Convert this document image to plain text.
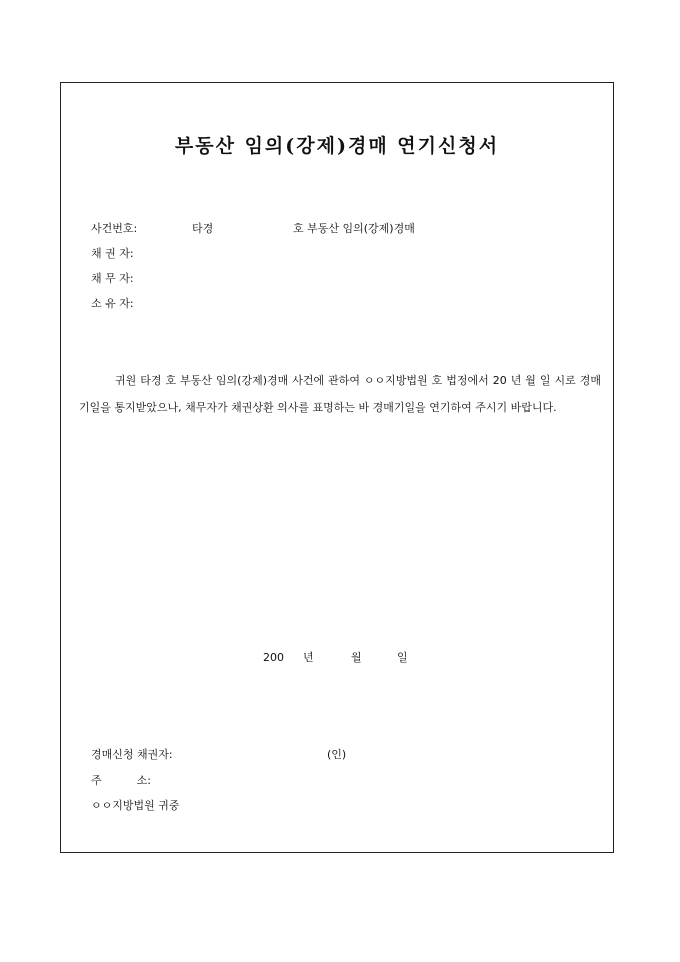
부동산 임의(강제)경매 연기신청서
사건번호:	타경	호 부동산 임의(강제)경매
채 권 자:
채 무 자:
소 유 자:

귀원 타경 호 부동산 임의(강제)경매 사건에 관하여 ㅇㅇ지방법원 호 법정에서 20 년 월 일 시로 경매 기일을 통지받았으나, 채무자가 채권상환 의사를 표명하는 바 경매기일을 연기하여 주시기 바랍니다.

200 년	월	일
경매신청 채권자:	(인)
주          소:
ㅇㅇ지방법원 귀중
